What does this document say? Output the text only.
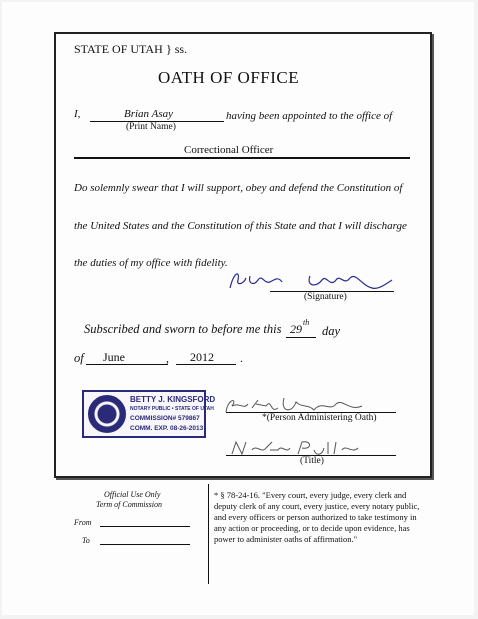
STATE OF UTAH } ss.
OATH OF OFFICE
I,	Brian Asay	having been appointed to the office of
(Print Name)
Correctional Officer
Do solemnly swear that I will support, obey and defend the Constitution of
the United States and the Constitution of this State and that I will discharge
the duties of my office with fidelity.
(Signature)
Subscribed and sworn to before me this 29 th
day
of June	, 2012 .
BETTY J. KINGSFORD
NOTARY PUBLIC • STATE OF UTAH
COMMISSION# 579867
COMM. EXP. 08-26-2013
*(Person Administering Oath)
(Title)
Official Use Only
Term of Commission
From
To
* § 78-24-16. "Every court, every judge, every clerk and deputy clerk of any court, every justice, every notary public, and every officers or person authorized to take testimony in any action or proceeding, or to decide upon evidence, has power to administer oaths of affirmation."
